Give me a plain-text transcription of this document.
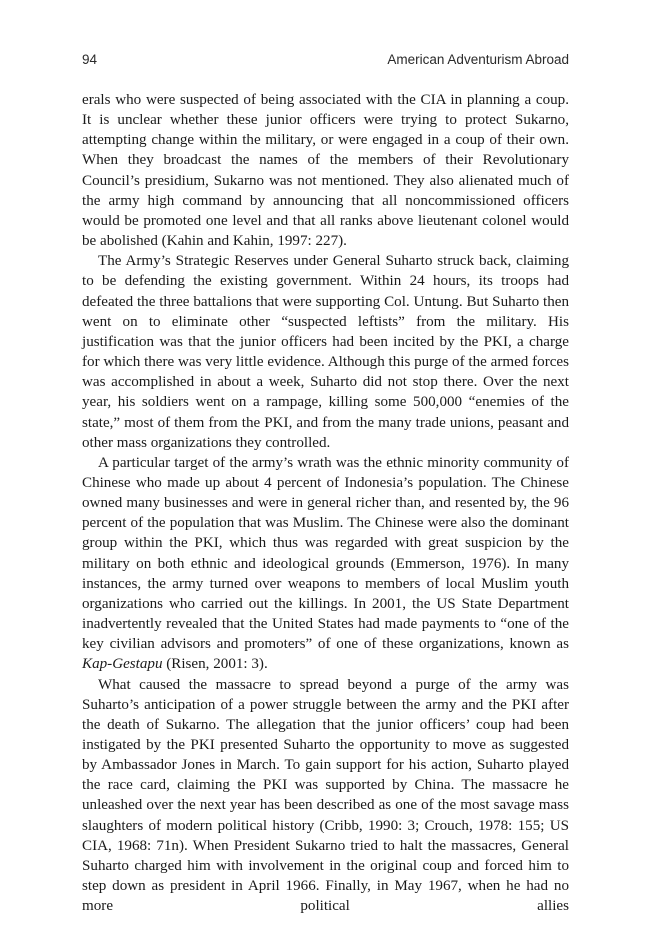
94	American Adventurism Abroad

erals who were suspected of being associated with the CIA in planning a coup. It is unclear whether these junior officers were trying to protect Sukarno, attempting change within the military, or were engaged in a coup of their own. When they broadcast the names of the members of their Revolutionary Council’s presidium, Sukarno was not mentioned. They also alienated much of the army high command by announcing that all noncommissioned officers would be promoted one level and that all ranks above lieutenant colonel would be abolished (Kahin and Kahin, 1997: 227).

The Army’s Strategic Reserves under General Suharto struck back, claiming to be defending the existing government. Within 24 hours, its troops had defeated the three battalions that were supporting Col. Untung. But Suharto then went on to eliminate other “suspected leftists” from the military. His justification was that the junior officers had been incited by the PKI, a charge for which there was very little evidence. Although this purge of the armed forces was accomplished in about a week, Suharto did not stop there. Over the next year, his soldiers went on a rampage, killing some 500,000 “enemies of the state,” most of them from the PKI, and from the many trade unions, peasant and other mass organizations they controlled.

A particular target of the army’s wrath was the ethnic minority community of Chinese who made up about 4 percent of Indonesia’s population. The Chinese owned many businesses and were in general richer than, and resented by, the 96 percent of the population that was Muslim. The Chinese were also the dominant group within the PKI, which thus was regarded with great suspicion by the military on both ethnic and ideological grounds (Emmerson, 1976). In many instances, the army turned over weapons to members of local Muslim youth organizations who carried out the killings. In 2001, the US State Department inadvertently revealed that the United States had made payments to “one of the key civilian advisors and promoters” of one of these organizations, known as Kap-Gestapu (Risen, 2001: 3).

What caused the massacre to spread beyond a purge of the army was Suharto’s anticipation of a power struggle between the army and the PKI after the death of Sukarno. The allegation that the junior officers’ coup had been instigated by the PKI presented Suharto the opportunity to move as suggested by Ambassador Jones in March. To gain support for his action, Suharto played the race card, claiming the PKI was supported by China. The massacre he unleashed over the next year has been described as one of the most savage mass slaughters of modern political history (Cribb, 1990: 3; Crouch, 1978: 155; US CIA, 1968: 71n). When President Sukarno tried to halt the massacres, General Suharto charged him with involvement in the original coup and forced him to step down as president in April 1966. Finally, in May 1967, when he had no more political allies
